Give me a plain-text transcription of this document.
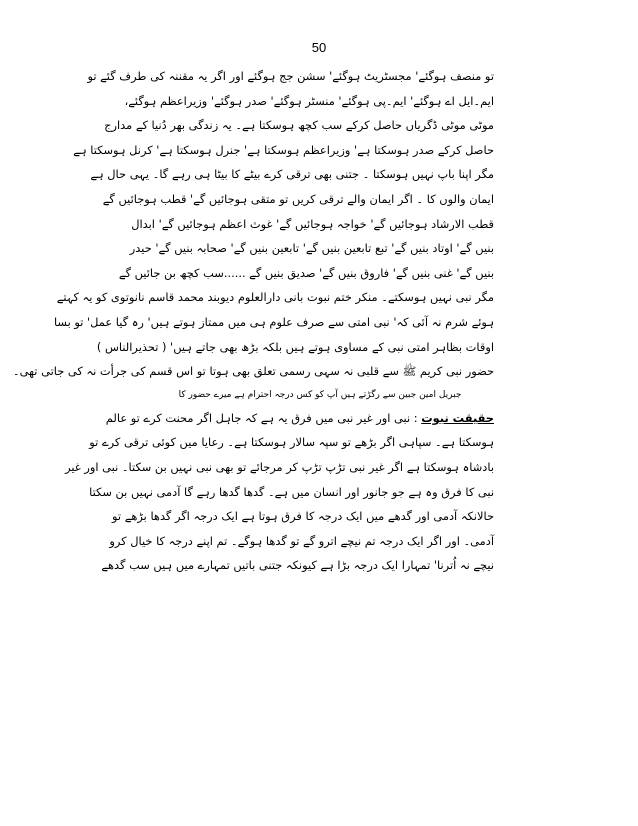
50
تو منصف ہوگئے' مجسٹریٹ ہوگئے' سشن جج ہوگئے اور اگر یہ مقننہ کی طرف گئے تو
ایم۔ایل اے ہوگئے' ایم۔پی ہوگئے' منسٹر ہوگئے' صدر ہوگئے' وزیراعظم ہوگئے،
موٹی موٹی ڈگریاں حاصل کرکے سب کچھ ہوسکتا ہے۔ یہ زندگی بھر دُنیا کے مدارج
حاصل کرکے صدر ہوسکتا ہے' وزیراعظم ہوسکتا ہے' جنرل ہوسکتا ہے' کرنل ہوسکتا ہے
مگر اپنا باپ نہیں ہوسکتا ۔ جتنی بھی ترقی کرے بیٹے کا بیٹا ہی رہے گا۔ یہی حال ہے
ایمان والوں کا ۔ اگر ایمان والے ترقی کریں تو متقی ہوجائیں گے' قطب ہوجائیں گے
قطب الارشاد ہوجائیں گے' خواجہ ہوجائیں گے' غوث اعظم ہوجائیں گے' ابدال
بنیں گے' اوتاد بنیں گے' تبع تابعین بنیں گے' تابعین بنیں گے' صحابہ بنیں گے' حیدر
بنیں گے' غنی بنیں گے' فاروق بنیں گے' صدیق بنیں گے ......سب کچھ بن جائیں گے
مگر نبی نہیں ہوسکتے۔ منکر ختم نبوت بانی دارالعلوم دیوبند محمد قاسم نانوتوی کو یہ کہتے
ہوئے شرم نہ آئی کہ' نبی امتی سے صرف علوم ہی میں ممتاز ہوتے ہیں' رہ گیا عمل' تو بسا
اوقات بظاہر امتی نبی کے مساوی ہوتے ہیں بلکہ بڑھ بھی جاتے ہیں' ( تحذیرالناس )
حضور نبی کریم ﷺ سے قلبی نہ سہی رسمی تعلق بھی ہوتا تو اس قسم کی جرأت نہ کی جاتی تھی۔
جبریل امین جبین سے رگڑتے ہیں آپ کو کس درجہ احترام ہے میرے حضور کا
حقیقت نبوت : نبی اور غیر نبی میں فرق یہ ہے کہ جاہل اگر محنت کرے تو عالم
ہوسکتا ہے۔ سپاہی اگر بڑھے تو سپہ سالار ہوسکتا ہے۔ رعایا میں کوئی ترقی کرے تو
بادشاہ ہوسکتا ہے اگر غیر نبی تڑپ تڑپ کر مرجائے تو بھی نبی نہیں بن سکتا۔ نبی اور غیر
نبی کا فرق وہ ہے جو جانور اور انسان میں ہے۔ گدھا گدھا رہے گا آدمی نہیں بن سکتا
حالانکہ آدمی اور گدھے میں ایک درجہ کا فرق ہوتا ہے ایک درجہ اگر گدھا بڑھے تو
آدمی۔ اور اگر ایک درجہ تم نیچے اترو گے تو گدھا ہوگے۔ تم اپنے درجہ کا خیال کرو
نیچے نہ اُترنا' تمہارا ایک درجہ بڑا ہے کیونکہ جتنی باتیں تمہارے میں ہیں سب گدھے
